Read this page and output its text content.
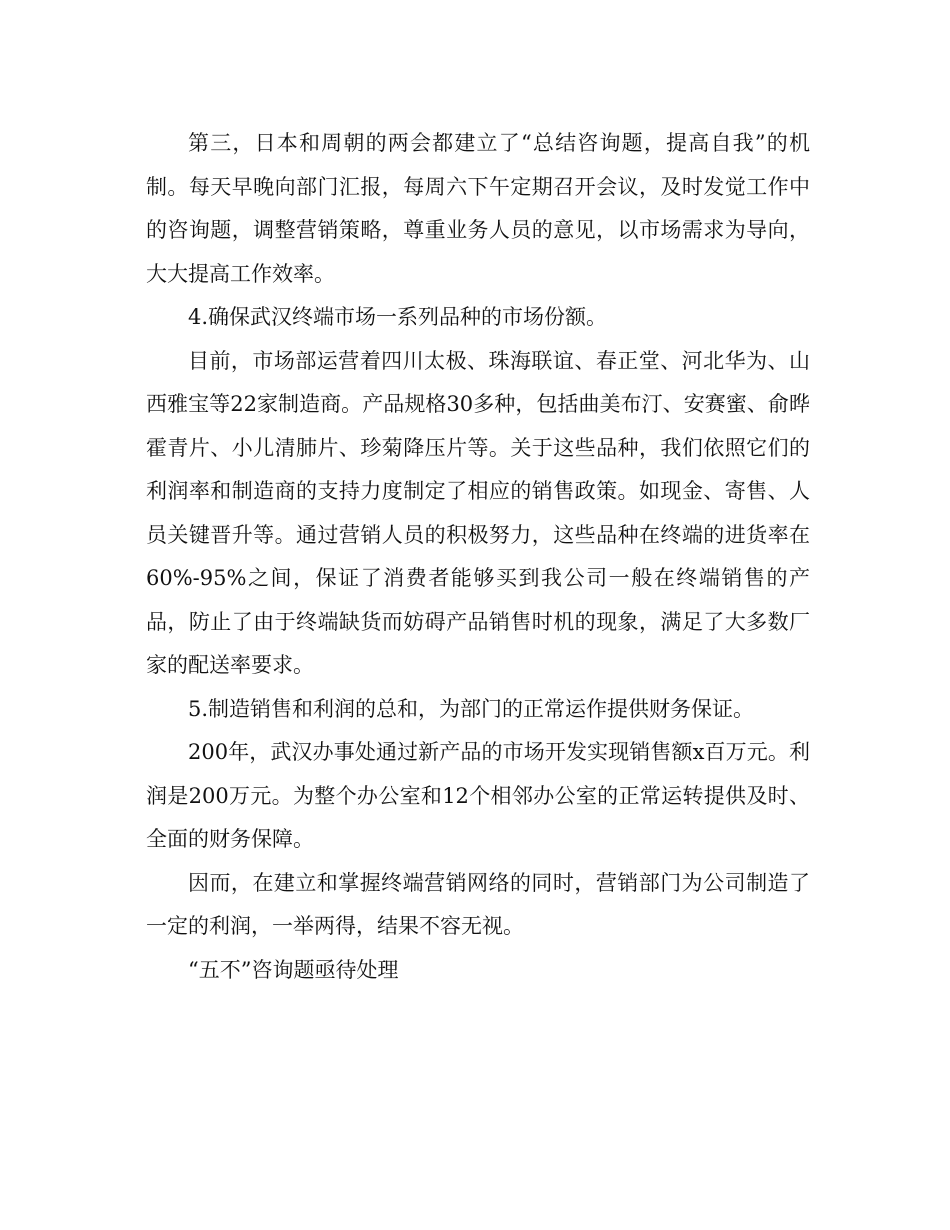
第三，日本和周朝的两会都建立了“总结咨询题，提高自我”的机制。每天早晚向部门汇报，每周六下午定期召开会议，及时发觉工作中的咨询题，调整营销策略，尊重业务人员的意见，以市场需求为导向，大大提高工作效率。

4.确保武汉终端市场一系列品种的市场份额。

目前，市场部运营着四川太极、珠海联谊、春正堂、河北华为、山西雅宝等22家制造商。产品规格30多种，包括曲美布汀、安赛蜜、俞晔霍青片、小儿清肺片、珍菊降压片等。关于这些品种，我们依照它们的利润率和制造商的支持力度制定了相应的销售政策。如现金、寄售、人员关键晋升等。通过营销人员的积极努力，这些品种在终端的进货率在60%-95%之间，保证了消费者能够买到我公司一般在终端销售的产品，防止了由于终端缺货而妨碍产品销售时机的现象，满足了大多数厂家的配送率要求。

5.制造销售和利润的总和，为部门的正常运作提供财务保证。

200年，武汉办事处通过新产品的市场开发实现销售额x百万元。利润是200万元。为整个办公室和12个相邻办公室的正常运转提供及时、全面的财务保障。

因而，在建立和掌握终端营销网络的同时，营销部门为公司制造了一定的利润，一举两得，结果不容无视。

“五不”咨询题亟待处理
